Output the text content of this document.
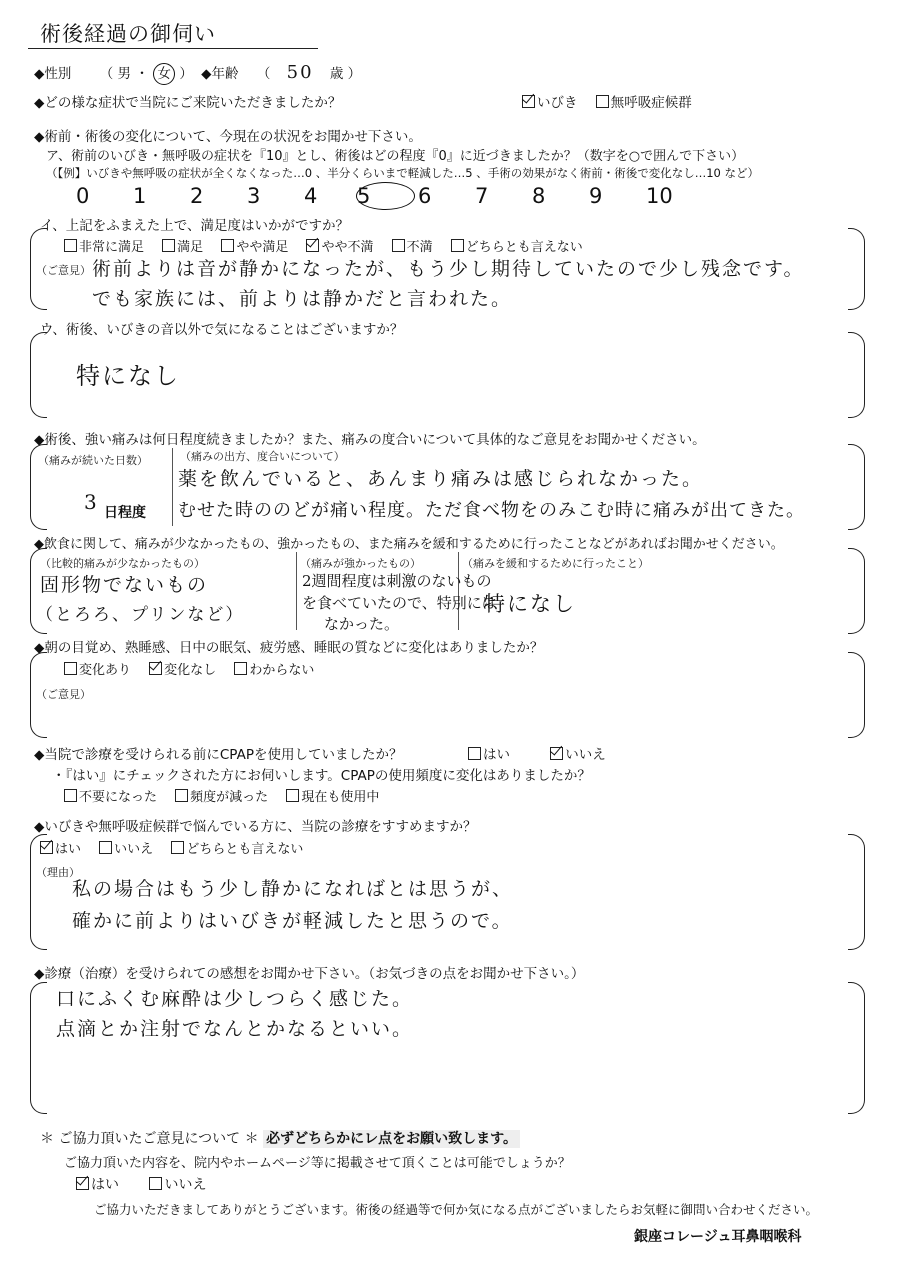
術後経過の御伺い
◆性別 （ 男 ・ 女 ） ◆年齢 （ 50 歳 ）
◆どの様な症状で当院にご来院いただきましたか？	いびき 無呼吸症候群
◆術前・術後の変化について、今現在の状況をお聞かせ下さい。
ア、術前のいびき・無呼吸の症状を『10』とし、術後はどの程度『0』に近づきましたか？（数字を○で囲んで下さい）
（【例】いびきや無呼吸の症状が全くなくなった…0 、半分くらいまで軽減した…5 、手術の効果がなく術前・術後で変化なし…10 など）
0 1 2 3 4 5 6 7 8 9 10
イ、上記をふまえた上で、満足度はいかがですか？
非常に満足	満足	やや満足	やや不満	不満	どちらとも言えない
（ご意見） 術前よりは音が静かになったが、もう少し期待していたので少し残念です。
でも家族には、前よりは静かだと言われた。
ウ、術後、いびきの音以外で気になることはございますか？
特になし
◆術後、強い痛みは何日程度続きましたか？また、痛みの度合いについて具体的なご意見をお聞かせください。
（痛みが続いた日数）
3 日程度
（痛みの出方、度合いについて）
薬を飲んでいると、あんまり痛みは感じられなかった。
むせた時ののどが痛い程度。ただ食べ物をのみこむ時に痛みが出てきた。
◆飲食に関して、痛みが少なかったもの、強かったもの、また痛みを緩和するために行ったことなどがあればお聞かせください。
（比較的痛みが少なかったもの）
固形物でないもの
（とろろ、プリンなど）
（痛みが強かったもの）
2週間程度は刺激のないもの
を食べていたので、特別には
なかった。
（痛みを緩和するために行ったこと）
特になし
◆朝の目覚め、熟睡感、日中の眠気、疲労感、睡眠の質などに変化はありましたか？
変化あり	変化なし	わからない
（ご意見）
◆当院で診療を受けられる前にCPAPを使用していましたか？	はい	いいえ
・『はい』にチェックされた方にお伺いします。CPAPの使用頻度に変化はありましたか？
不要になった	頻度が減った	現在も使用中
◆いびきや無呼吸症候群で悩んでいる方に、当院の診療をすすめますか？
はい	いいえ	どちらとも言えない
（理由）
私の場合はもう少し静かになればとは思うが、
確かに前よりはいびきが軽減したと思うので。
◆診療（治療）を受けられての感想をお聞かせ下さい。（お気づきの点をお聞かせ下さい。）
口にふくむ麻酔は少しつらく感じた。
点滴とか注射でなんとかなるといい。
＊ ご協力頂いたご意見について ＊ 必ずどちらかにレ点をお願い致します。
ご協力頂いた内容を、院内やホームページ等に掲載させて頂くことは可能でしょうか？
はい	いいえ
ご協力いただきましてありがとうございます。術後の経過等で何か気になる点がございましたらお気軽に御問い合わせください。
銀座コレージュ耳鼻咽喉科
